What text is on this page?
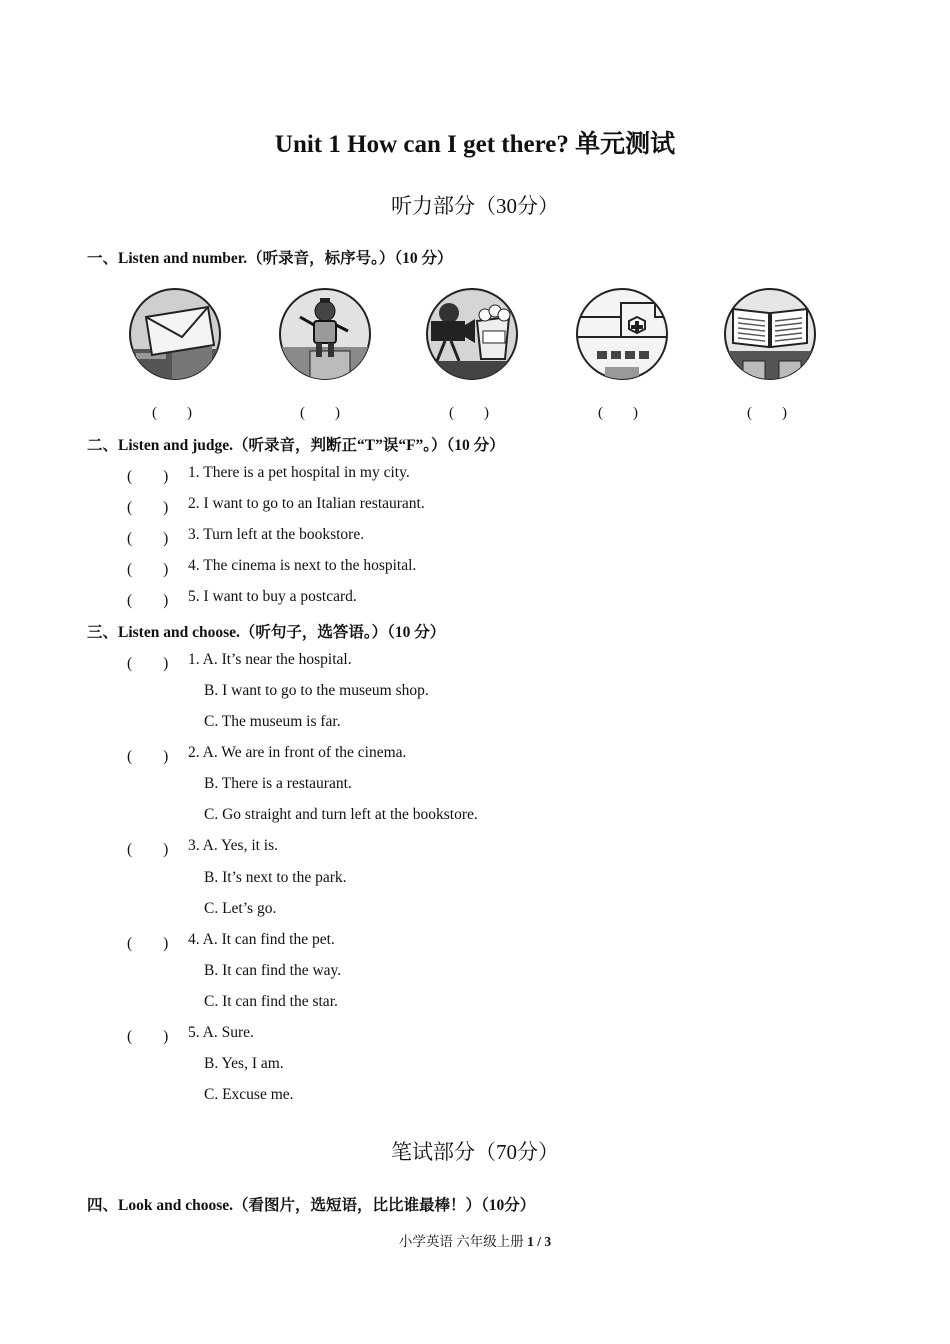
Unit 1 How can I get there? 单元测试
听力部分（30分）
一、Listen and number.（听录音，标序号。）（10 分）
(　　)	(　　)	(　　)	(　　)	(　　)
二、Listen and judge.（听录音，判断正“T”误“F”。）（10 分）
(　　) 1. There is a pet hospital in my city.
(　　) 2. I want to go to an Italian restaurant.
(　　) 3. Turn left at the bookstore.
(　　) 4. The cinema is next to the hospital.
(　　) 5. I want to buy a postcard.
三、Listen and choose.（听句子，选答语。）（10 分）
(　　) 1. A. It’s near the hospital.
B. I want to go to the museum shop.
C. The museum is far.
(　　) 2. A. We are in front of the cinema.
B. There is a restaurant.
C. Go straight and turn left at the bookstore.
(　　) 3. A. Yes, it is.
B. It’s next to the park.
C. Let’s go.
(　　) 4. A. It can find the pet.
B. It can find the way.
C. It can find the star.
(　　) 5. A. Sure.
B. Yes, I am.
C. Excuse me.
笔试部分（70分）
四、Look and choose.（看图片，选短语，比比谁最棒！）（10分）
小学英语 六年级上册 1 / 3
